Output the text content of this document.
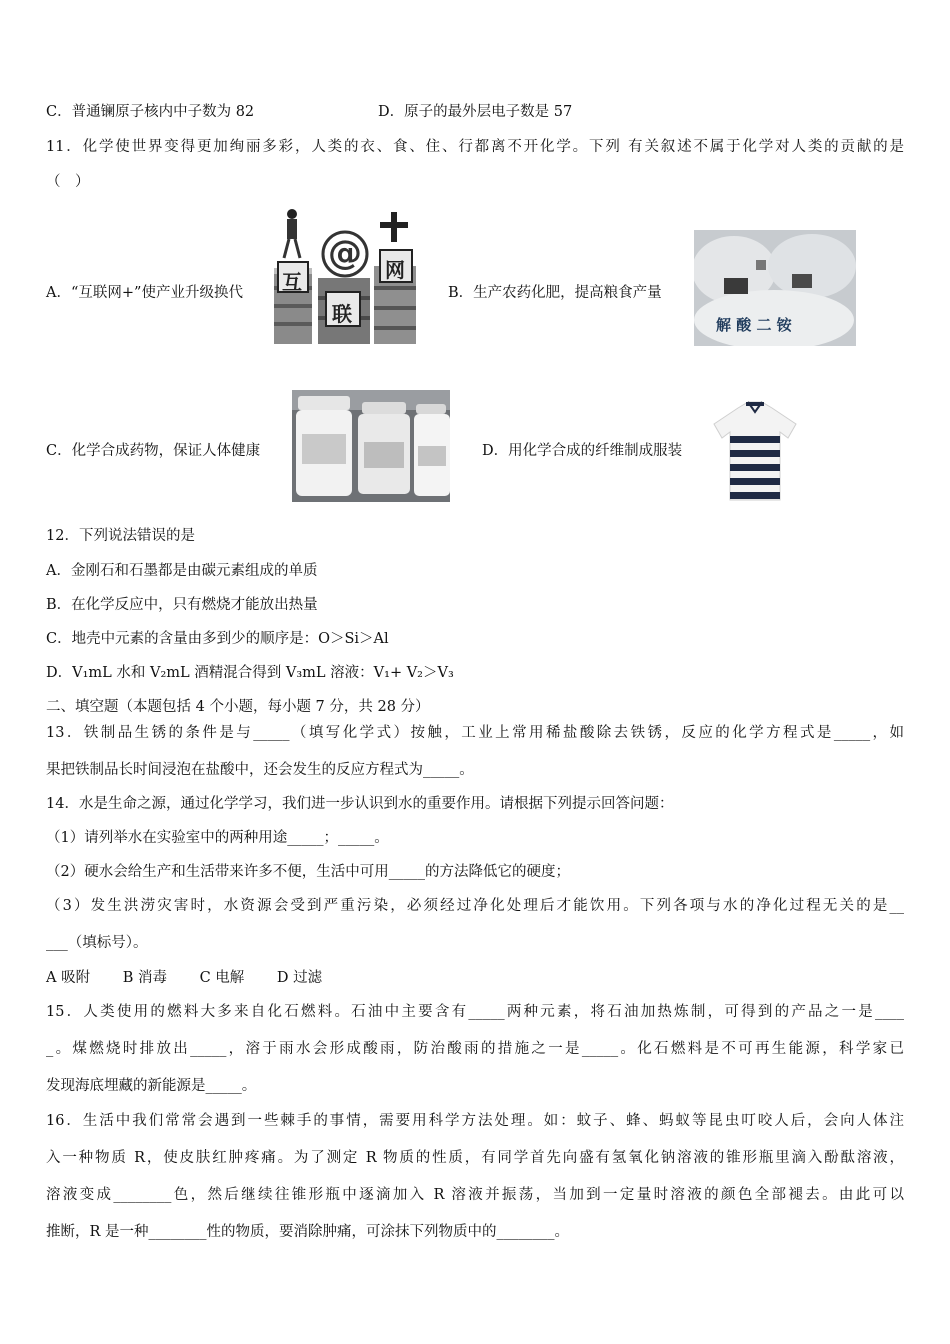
C．普通镧原子核内中子数为 82	D．原子的最外层电子数是 57
11．化学使世界变得更加绚丽多彩，人类的衣、食、住、行都离不开化学。下列 有关叙述不属于化学对人类的贡献的是
（　）
A．“互联网+”使产业升级换代
@
互
联
网
B．生产农药化肥，提高粮食产量
解 酸 二 铵
C．化学合成药物，保证人体健康	D．用化学合成的纤维制成服装
12．下列说法错误的是
A．金刚石和石墨都是由碳元素组成的单质
B．在化学反应中，只有燃烧才能放出热量
C．地壳中元素的含量由多到少的顺序是：O＞Si＞Al
D．V₁mL 水和 V₂mL 酒精混合得到 V₃mL 溶液：V₁+ V₂＞V₃
二、填空题（本题包括 4 个小题，每小题 7 分，共 28 分）
13．铁制品生锈的条件是与_____（填写化学式）按触，工业上常用稀盐酸除去铁锈，反应的化学方程式是_____，如
果把铁制品长时间浸泡在盐酸中，还会发生的反应方程式为_____。
14．水是生命之源，通过化学学习，我们进一步认识到水的重要作用。请根据下列提示回答问题：
（1）请列举水在实验室中的两种用途_____；_____。
（2）硬水会给生产和生活带来许多不便，生活中可用_____的方法降低它的硬度；
（3）发生洪涝灾害时，水资源会受到严重污染，必须经过净化处理后才能饮用。下列各项与水的净化过程无关的是__
___（填标号）。
A 吸附 B 消毒 C 电解 D 过滤
15．人类使用的燃料大多来自化石燃料。石油中主要含有_____两种元素，将石油加热炼制，可得到的产品之一是____
_。煤燃烧时排放出_____，溶于雨水会形成酸雨，防治酸雨的措施之一是_____。化石燃料是不可再生能源，科学家已
发现海底埋藏的新能源是_____。
16．生活中我们常常会遇到一些棘手的事情，需要用科学方法处理。如：蚊子、蜂、蚂蚁等昆虫叮咬人后，会向人体注
入一种物质 R，使皮肤红肿疼痛。为了测定 R 物质的性质，有同学首先向盛有氢氧化钠溶液的锥形瓶里滴入酚酞溶液，
溶液变成________色，然后继续往锥形瓶中逐滴加入 R 溶液并振荡，当加到一定量时溶液的颜色全部褪去。由此可以
推断，R 是一种________性的物质，要消除肿痛，可涂抹下列物质中的________。
